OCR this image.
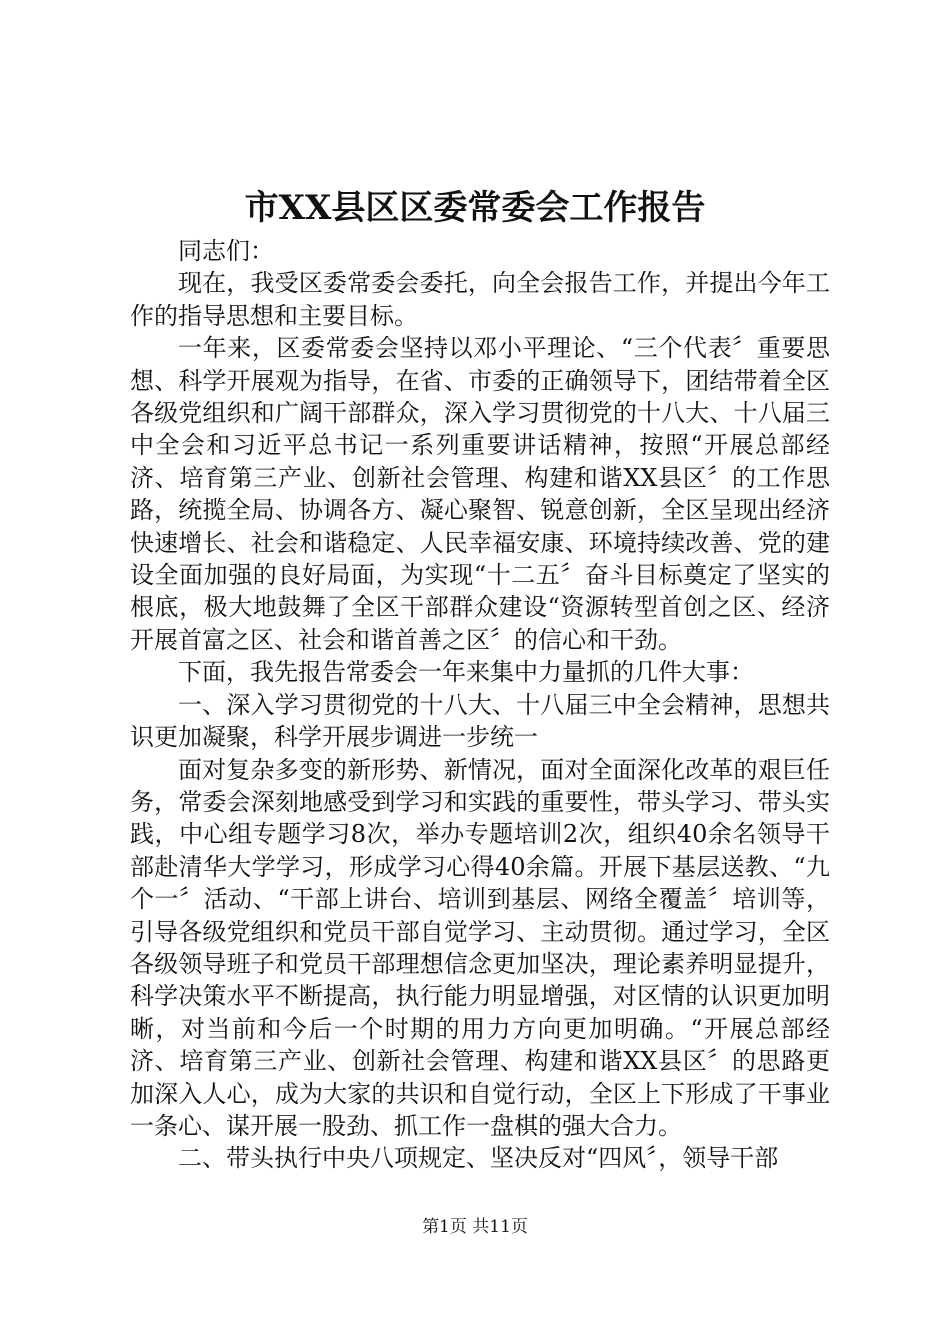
市XX县区区委常委会工作报告

同志们：

现在，我受区委常委会委托，向全会报告工作，并提出今年工作的指导思想和主要目标。

一年来，区委常委会坚持以邓小平理论、“三个代表〞重要思想、科学开展观为指导，在省、市委的正确领导下，团结带着全区各级党组织和广阔干部群众，深入学习贯彻党的十八大、十八届三中全会和习近平总书记一系列重要讲话精神，按照“开展总部经济、培育第三产业、创新社会管理、构建和谐XX县区〞的工作思路，统揽全局、协调各方、凝心聚智、锐意创新，全区呈现出经济快速增长、社会和谐稳定、人民幸福安康、环境持续改善、党的建设全面加强的良好局面，为实现“十二五〞奋斗目标奠定了坚实的根底，极大地鼓舞了全区干部群众建设“资源转型首创之区、经济开展首富之区、社会和谐首善之区〞的信心和干劲。

下面，我先报告常委会一年来集中力量抓的几件大事：

一、深入学习贯彻党的十八大、十八届三中全会精神，思想共识更加凝聚，科学开展步调进一步统一

面对复杂多变的新形势、新情况，面对全面深化改革的艰巨任务，常委会深刻地感受到学习和实践的重要性，带头学习、带头实践，中心组专题学习8次，举办专题培训2次，组织40余名领导干部赴清华大学学习，形成学习心得40余篇。开展下基层送教、“九个一〞活动、“干部上讲台、培训到基层、网络全覆盖〞培训等，引导各级党组织和党员干部自觉学习、主动贯彻。通过学习，全区各级领导班子和党员干部理想信念更加坚决，理论素养明显提升，科学决策水平不断提高，执行能力明显增强，对区情的认识更加明晰，对当前和今后一个时期的用力方向更加明确。“开展总部经济、培育第三产业、创新社会管理、构建和谐XX县区〞的思路更加深入人心，成为大家的共识和自觉行动，全区上下形成了干事业一条心、谋开展一股劲、抓工作一盘棋的强大合力。

二、带头执行中央八项规定、坚决反对“四风〞，领导干部

第1页 共11页
